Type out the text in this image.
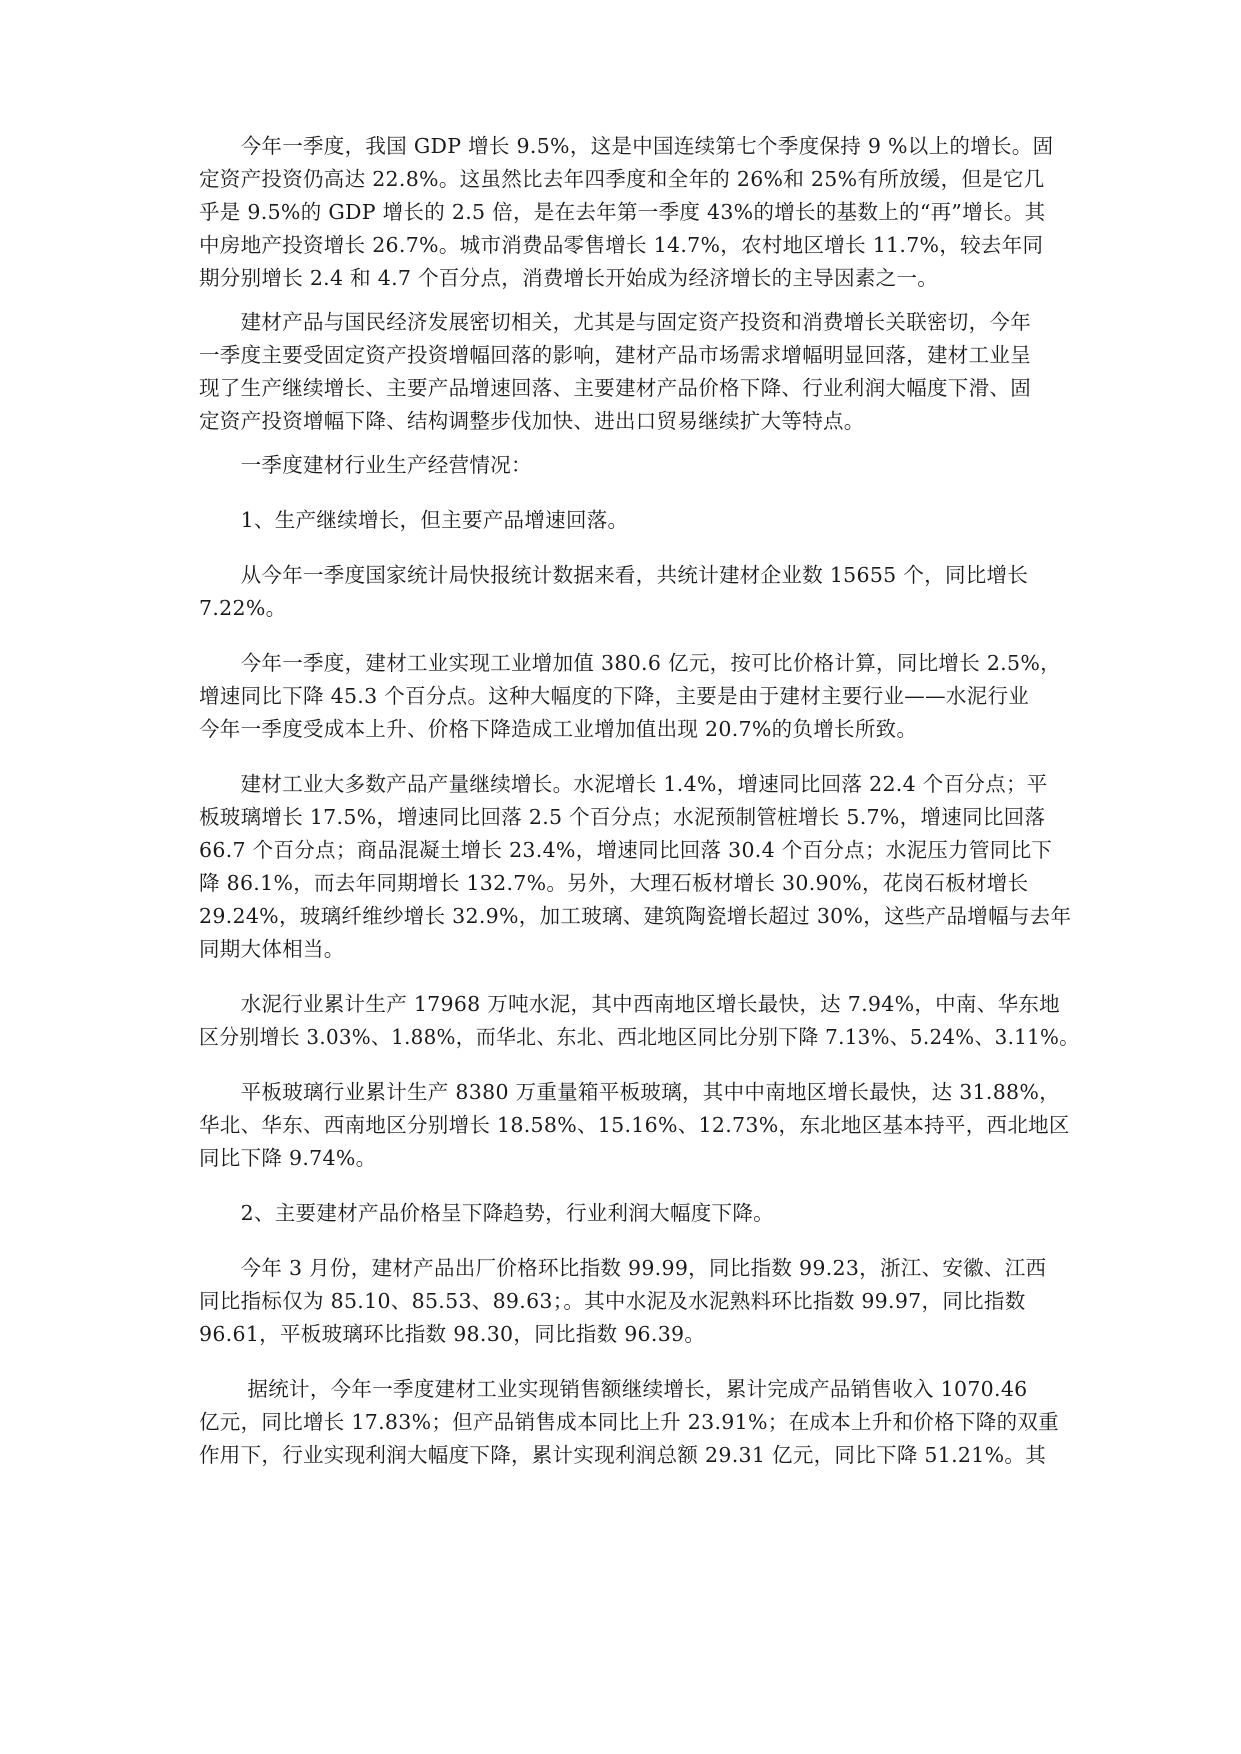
　　今年一季度，我国 GDP 增长 9.5%，这是中国连续第七个季度保持 9 %以上的增长。固
定资产投资仍高达 22.8%。这虽然比去年四季度和全年的 26%和 25%有所放缓，但是它几
乎是 9.5%的 GDP 增长的 2.5 倍，是在去年第一季度 43%的增长的基数上的“再”增长。其
中房地产投资增长 26.7%。城市消费品零售增长 14.7%，农村地区增长 11.7%，较去年同
期分别增长 2.4 和 4.7 个百分点，消费增长开始成为经济增长的主导因素之一。
　　建材产品与国民经济发展密切相关，尤其是与固定资产投资和消费增长关联密切，今年
一季度主要受固定资产投资增幅回落的影响，建材产品市场需求增幅明显回落，建材工业呈
现了生产继续增长、主要产品增速回落、主要建材产品价格下降、行业利润大幅度下滑、固
定资产投资增幅下降、结构调整步伐加快、进出口贸易继续扩大等特点。
　　一季度建材行业生产经营情况：
　　1、生产继续增长，但主要产品增速回落。
　　从今年一季度国家统计局快报统计数据来看，共统计建材企业数 15655 个，同比增长
7.22%。
　　今年一季度，建材工业实现工业增加值 380.6 亿元，按可比价格计算，同比增长 2.5%，
增速同比下降 45.3 个百分点。这种大幅度的下降，主要是由于建材主要行业——水泥行业
今年一季度受成本上升、价格下降造成工业增加值出现 20.7%的负增长所致。
　　建材工业大多数产品产量继续增长。水泥增长 1.4%，增速同比回落 22.4 个百分点；平
板玻璃增长 17.5%，增速同比回落 2.5 个百分点；水泥预制管桩增长 5.7%，增速同比回落
66.7 个百分点；商品混凝土增长 23.4%，增速同比回落 30.4 个百分点；水泥压力管同比下
降 86.1%，而去年同期增长 132.7%。另外，大理石板材增长 30.90%，花岗石板材增长
29.24%，玻璃纤维纱增长 32.9%，加工玻璃、建筑陶瓷增长超过 30%，这些产品增幅与去年
同期大体相当。
　　水泥行业累计生产 17968 万吨水泥，其中西南地区增长最快，达 7.94%，中南、华东地
区分别增长 3.03%、1.88%，而华北、东北、西北地区同比分别下降 7.13%、5.24%、3.11%。
　　平板玻璃行业累计生产 8380 万重量箱平板玻璃，其中中南地区增长最快，达 31.88%，
华北、华东、西南地区分别增长 18.58%、15.16%、12.73%，东北地区基本持平，西北地区
同比下降 9.74%。
　　2、主要建材产品价格呈下降趋势，行业利润大幅度下降。
　　今年 3 月份，建材产品出厂价格环比指数 99.99，同比指数 99.23，浙江、安徽、江西
同比指标仅为 85.10、85.53、89.63；。其中水泥及水泥熟料环比指数 99.97，同比指数
96.61，平板玻璃环比指数 98.30，同比指数 96.39。
　　 据统计，今年一季度建材工业实现销售额继续增长，累计完成产品销售收入 1070.46
亿元，同比增长 17.83%；但产品销售成本同比上升 23.91%；在成本上升和价格下降的双重
作用下，行业实现利润大幅度下降，累计实现利润总额 29.31 亿元，同比下降 51.21%。其
